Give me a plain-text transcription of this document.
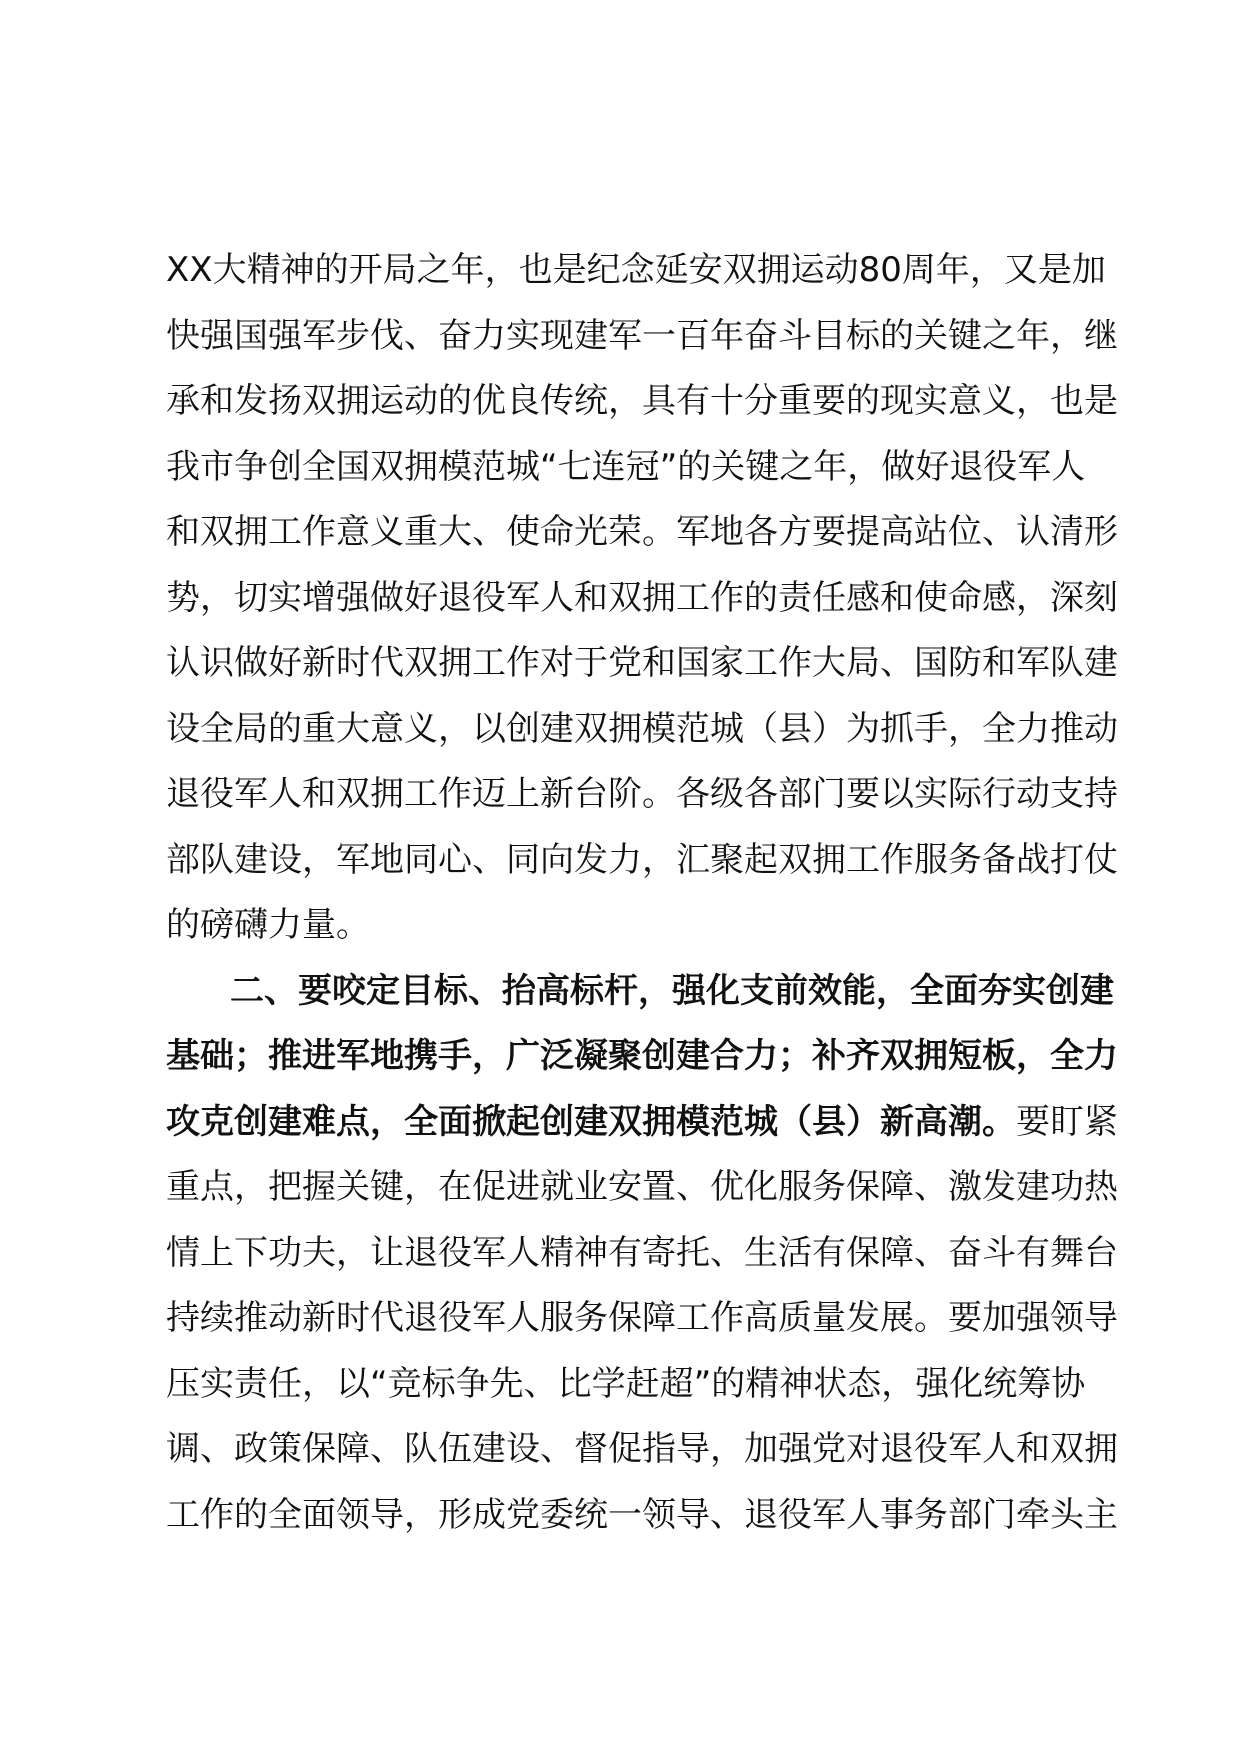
XX大精神的开局之年，也是纪念延安双拥运动80周年，又是加
快强国强军步伐、奋力实现建军一百年奋斗目标的关键之年，继
承和发扬双拥运动的优良传统，具有十分重要的现实意义，也是
我市争创全国双拥模范城“七连冠”的关键之年，做好退役军人
和双拥工作意义重大、使命光荣。军地各方要提高站位、认清形
势，切实增强做好退役军人和双拥工作的责任感和使命感，深刻
认识做好新时代双拥工作对于党和国家工作大局、国防和军队建
设全局的重大意义，以创建双拥模范城（县）为抓手，全力推动
退役军人和双拥工作迈上新台阶。各级各部门要以实际行动支持
部队建设，军地同心、同向发力，汇聚起双拥工作服务备战打仗
的磅礴力量。
二、要咬定目标、抬高标杆，强化支前效能，全面夯实创建
基础；推进军地携手，广泛凝聚创建合力；补齐双拥短板，全力
攻克创建难点，全面掀起创建双拥模范城（县）新高潮。要盯紧
重点，把握关键，在促进就业安置、优化服务保障、激发建功热
情上下功夫，让退役军人精神有寄托、生活有保障、奋斗有舞台
持续推动新时代退役军人服务保障工作高质量发展。要加强领导
压实责任，以“竞标争先、比学赶超”的精神状态，强化统筹协
调、政策保障、队伍建设、督促指导，加强党对退役军人和双拥
工作的全面领导，形成党委统一领导、退役军人事务部门牵头主
